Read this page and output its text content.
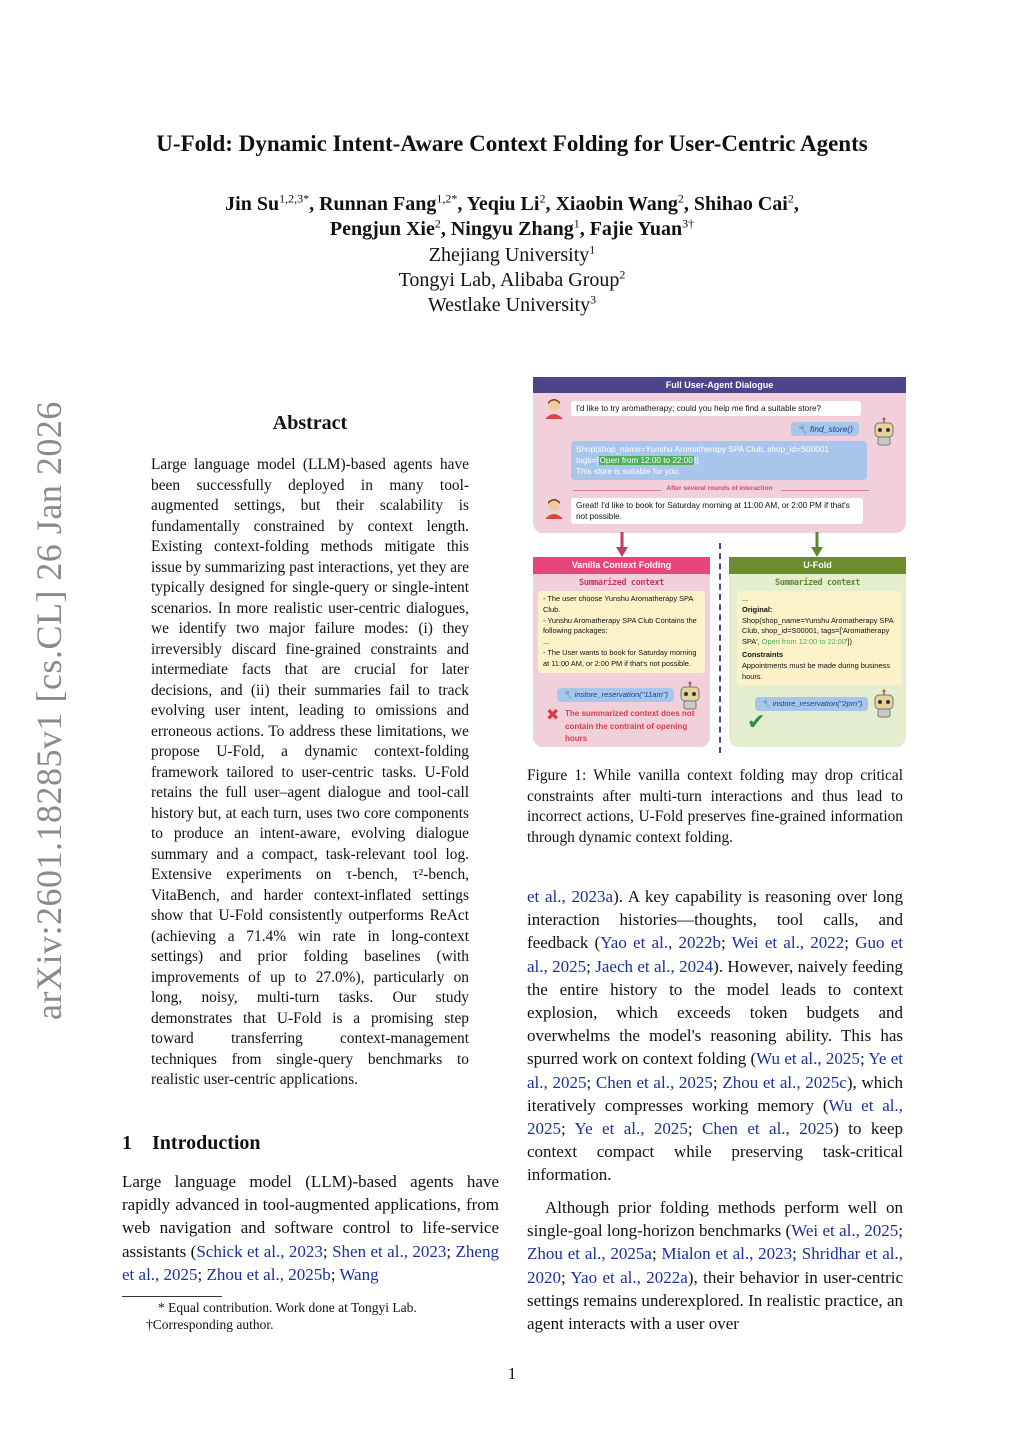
U-Fold: Dynamic Intent-Aware Context Folding for User-Centric Agents
Jin $Su^{1,2,3*}$, Runnan Fang$^{1,2*}$, Yeqiu Li$^2$, Xiaobin Wang$^2$, Shihao Cai$^2$,
Pengjun Xie$^2$, Ningyu Zhang$^1$, Fajie Yuan$^{3\dagger}$
Zhejiang University$^1$
Tongyi Lab, Alibaba Group$^2$
Westlake University$^3$
arXiv:2601.18285v1 [cs.CL] 26 Jan 2026	Abstract
Large language model (LLM)-based agents have been successfully deployed in many tool-augmented settings, but their scalability is fundamentally constrained by context length. Existing context-folding methods mitigate this issue by summarizing past interactions, yet they are typically designed for single-query or single-intent scenarios. In more realistic user-centric dialogues, we identify two major failure modes: (i) they irreversibly discard fine-grained constraints and intermediate facts that are crucial for later decisions, and (ii) their summaries fail to track evolving user intent, leading to omissions and erroneous actions. To address these limitations, we propose U-Fold, a dynamic context-folding framework tailored to user-centric tasks. U-Fold retains the full user–agent dialogue and tool-call history but, at each turn, uses two core components to produce an intent-aware, evolving dialogue summary and a compact, task-relevant tool log. Extensive experiments on τ-bench, τ²-bench, VitaBench, and harder context-inflated settings show that U-Fold consistently outperforms ReAct (achieving a 71.4% win rate in long-context settings) and prior folding baselines (with improvements of up to 27.0%), particularly on long, noisy, multi-turn tasks. Our study demonstrates that U-Fold is a promising step toward transferring context-management techniques from single-query benchmarks to realistic user-centric applications.
1 Introduction
Large language model (LLM)-based agents have rapidly advanced in tool-augmented applications, from web navigation and software control to life-service assistants (Schick et al., 2023; Shen et al., 2023; Zheng et al., 2025; Zhou et al., 2025b; Wang
* Equal contribution. Work done at Tongyi Lab.
†Corresponding author.
1
Figure 1: While vanilla context folding may drop critical constraints after multi-turn interactions and thus lead to incorrect actions, U-Fold preserves fine-grained information through dynamic context folding.
et al., 2023a). A key capability is reasoning over long interaction histories—thoughts, tool calls, and feedback (Yao et al., 2022b; Wei et al., 2022; Guo et al., 2025; Jaech et al., 2024). However, naively feeding the entire history to the model leads to context explosion, which exceeds token budgets and overwhelms the model's reasoning ability. This has spurred work on context folding (Wu et al., 2025; Ye et al., 2025; Chen et al., 2025; Zhou et al., 2025c), which iteratively compresses working memory (Wu et al., 2025; Ye et al., 2025; Chen et al., 2025) to keep context compact while preserving task-critical information.
Although prior folding methods perform well on single-goal long-horizon benchmarks (Wei et al., 2025; Zhou et al., 2025a; Mialon et al., 2023; Shridhar et al., 2020; Yao et al., 2022a), their behavior in user-centric settings remains underexplored. In realistic practice, an agent interacts with a user over
Full User-Agent Dialogue
I'd like to try aromatherapy; could you help me find a suitable store?
🔧 find_store()
Shop(shop_name=Yunshu Aromatherapy SPA Club, shop_id=S00001
tags=[Open from 12:00 to 22:00])
This store is suitable for you.
After several rounds of interaction
Great! I'd like to book for Saturday morning at 11:00 AM, or 2:00 PM if that's not possible.
Vanilla Context Folding
Summarized context
- The user choose Yunshu Aromatherapy SPA Club.
- Yunshu Aromatherapy SPA Club Contains the following packages:
...
- The User wants to book for Saturday morning at 11:00 AM, or 2:00 PM if that's not possible.
🔧 instore_reservation("11am")
✖ The summarized context does not contain the contraint of opening hours
U-Fold
Summarized context
...
Original:
Shop(shop_name=Yunshu Aromatherapy SPA Club, shop_id=S00001, tags=['Aromatherapy SPA', Open from 12:00 to 22:00'])
Constraints
Appointments must be made during business hours.
🔧 instore_reservation("2pm")
✔
